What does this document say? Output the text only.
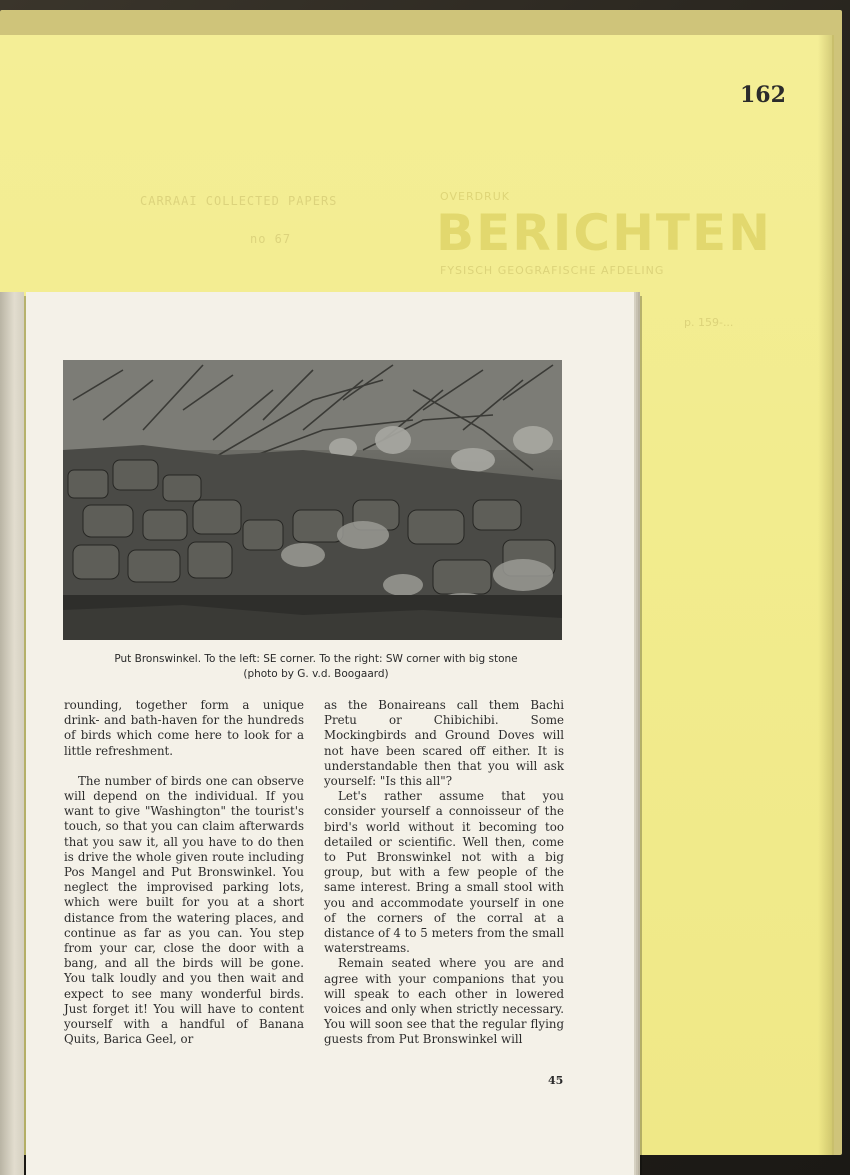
162
CARRAAI COLLECTED PAPERS
no 67
OVERDRUK
BERICHTEN
FYSISCH GEOGRAFISCHE AFDELING
p. 159-...
Put Bronswinkel. To the left: SE corner. To the right: SW corner with big stone
(photo by G. v.d. Boogaard)

rounding, together form a unique drink- and bath-haven for the hundreds of birds which come here to look for a little refreshment.

The number of birds one can observe will depend on the individual. If you want to give "Washington" the tourist's touch, so that you can claim afterwards that you saw it, all you have to do then is drive the whole given route including Pos Mangel and Put Bronswinkel. You neglect the improvised parking lots, which were built for you at a short distance from the watering places, and continue as far as you can. You step from your car, close the door with a bang, and all the birds will be gone. You talk loudly and you then wait and expect to see many wonderful birds. Just forget it! You will have to content yourself with a handful of Banana Quits, Barica Geel, or

as the Bonaireans call them Bachi Pretu or Chibichibi. Some Mockingbirds and Ground Doves will not have been scared off either. It is understandable then that you will ask yourself: "Is this all"?

Let's rather assume that you consider yourself a connoisseur of the bird's world without it becoming too detailed or scientific. Well then, come to Put Bronswinkel not with a big group, but with a few people of the same interest. Bring a small stool with you and accommodate yourself in one of the corners of the corral at a distance of 4 to 5 meters from the small waterstreams.

Remain seated where you are and agree with your companions that you will speak to each other in lowered voices and only when strictly necessary. You will soon see that the regular flying guests from Put Bronswinkel will

45
